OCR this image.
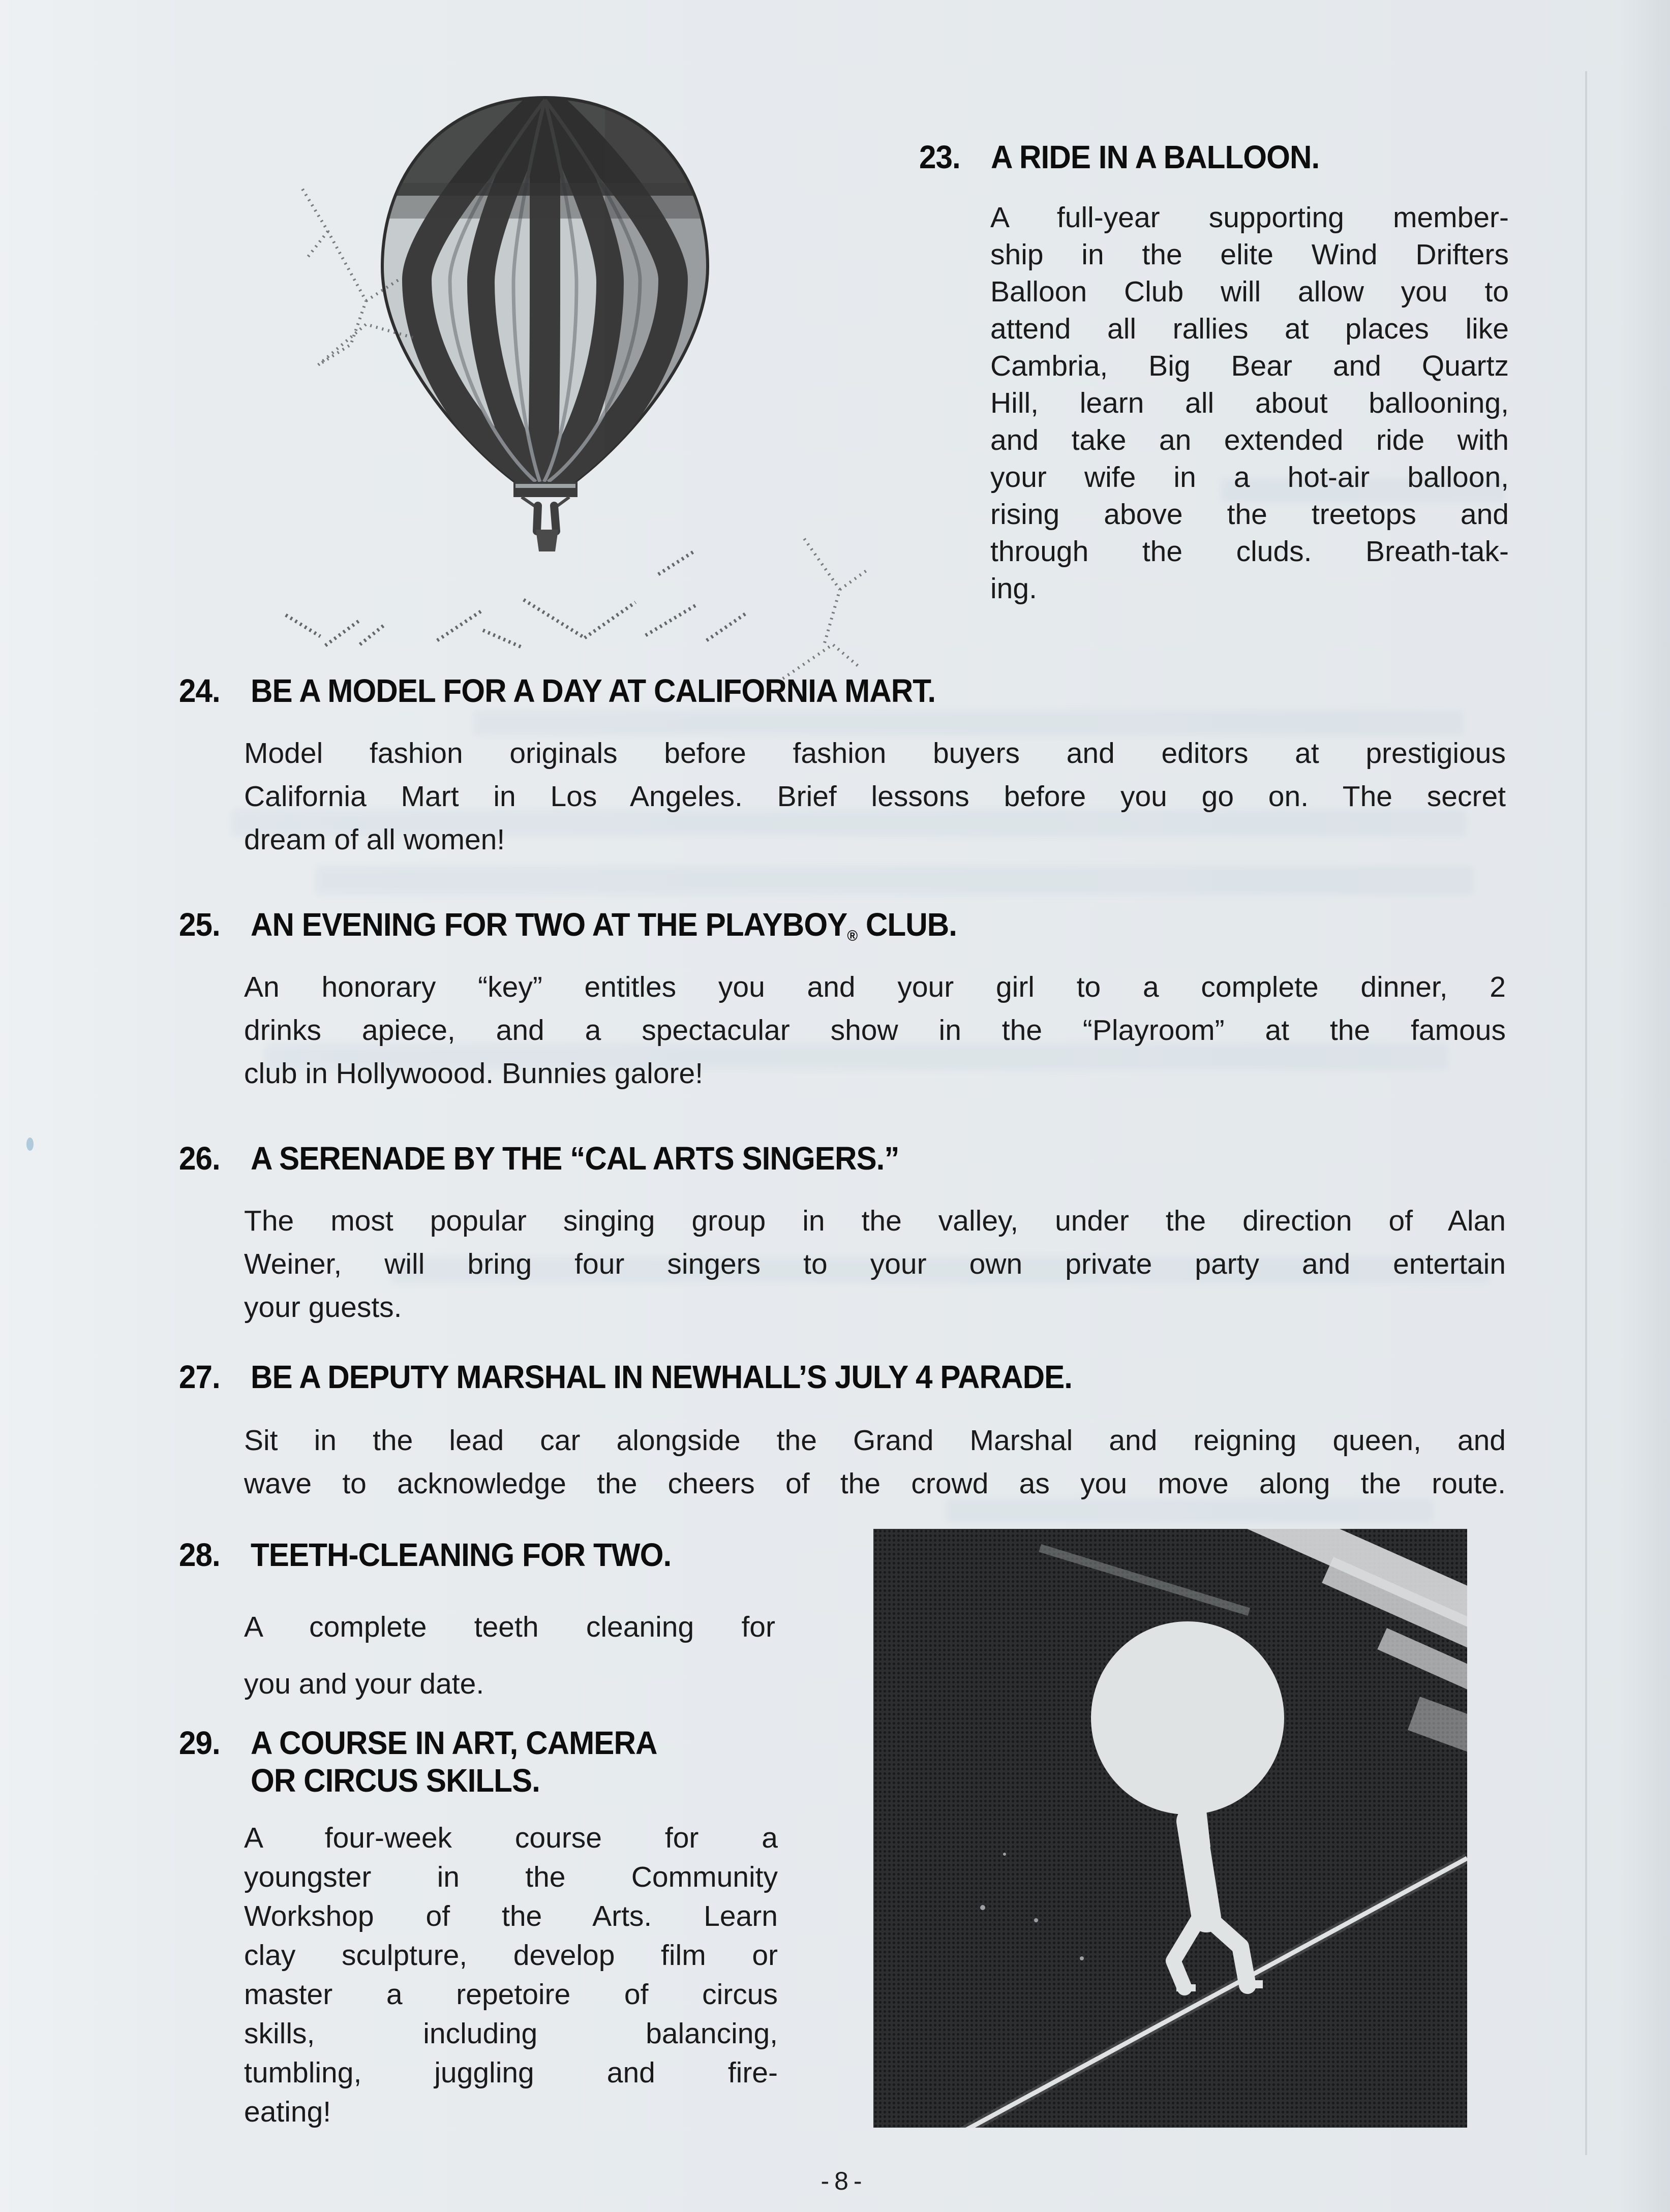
23. A RIDE IN A BALLOON.
A full-year supporting member-
ship in the elite Wind Drifters
Balloon Club will allow you to
attend all rallies at places like
Cambria, Big Bear and Quartz
Hill, learn all about ballooning,
and take an extended ride with
your wife in a hot-air balloon,
rising above the treetops and
through the cluds. Breath-tak-
ing.
24. BE A MODEL FOR A DAY AT CALIFORNIA MART.
Model fashion originals before fashion buyers and editors at prestigious
California Mart in Los Angeles. Brief lessons before you go on. The secret
dream of all women!
25. AN EVENING FOR TWO AT THE PLAYBOY® CLUB.
An honorary “key” entitles you and your girl to a complete dinner, 2
drinks apiece, and a spectacular show in the “Playroom” at the famous
club in Hollywoood. Bunnies galore!
26. A SERENADE BY THE “CAL ARTS SINGERS.”
The most popular singing group in the valley, under the direction of Alan
Weiner, will bring four singers to your own private party and entertain
your guests.
27. BE A DEPUTY MARSHAL IN NEWHALL’S JULY 4 PARADE.
Sit in the lead car alongside the Grand Marshal and reigning queen, and
wave to acknowledge the cheers of the crowd as you move along the route.
28. TEETH-CLEANING FOR TWO.
A complete teeth cleaning for
you and your date.
29. A COURSE IN ART, CAMERA
OR CIRCUS SKILLS.
A four-week course for a
youngster in the Community
Workshop of the Arts. Learn
clay sculpture, develop film or
master a repetoire of circus
skills, including balancing,
tumbling, juggling and fire-
eating!
-8-
